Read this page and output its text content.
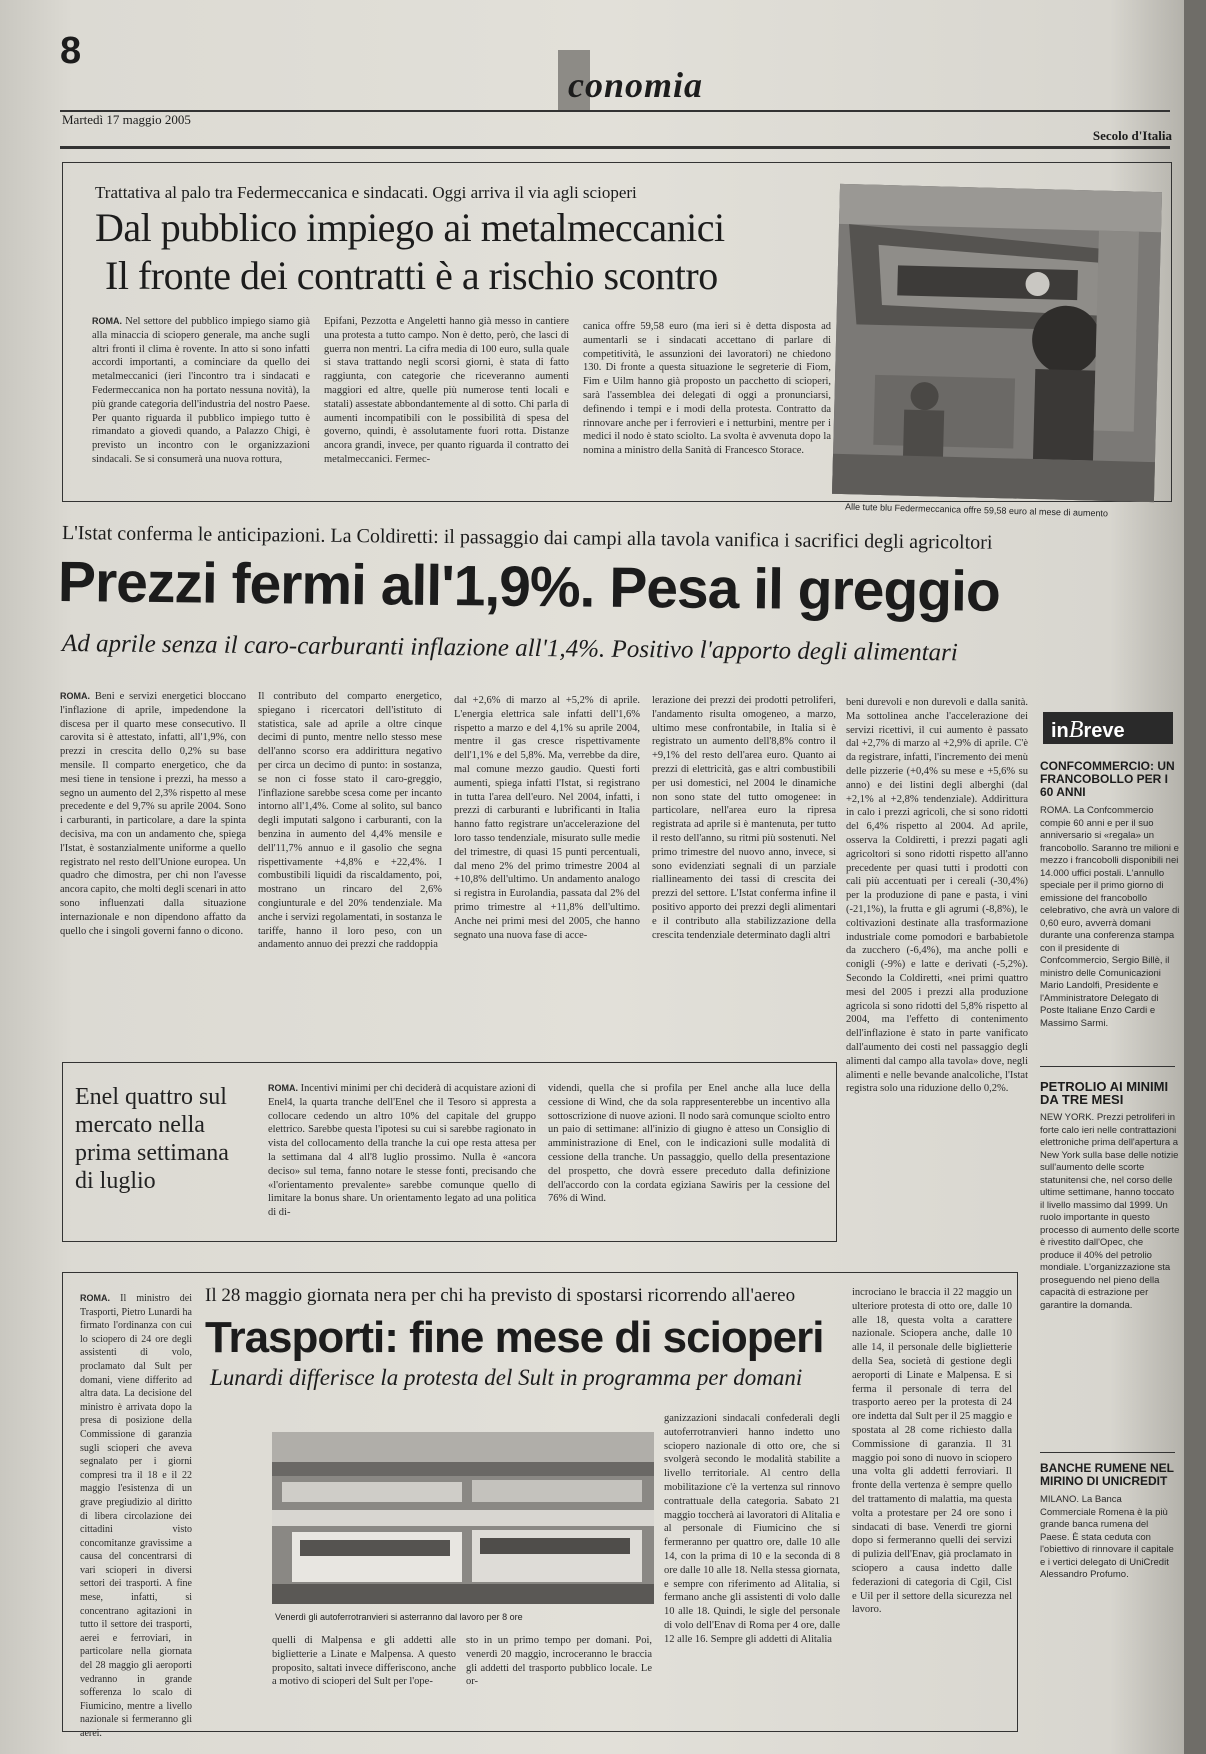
8
conomia
Martedì 17 maggio 2005
Secolo d'Italia
Trattativa al palo tra Federmeccanica e sindacati. Oggi arriva il via agli scioperi
Dal pubblico impiego ai metalmeccanici
Il fronte dei contratti è a rischio scontro
ROMA. Nel settore del pubblico impiego siamo già alla minaccia di sciopero generale, ma anche sugli altri fronti il clima è rovente. In atto si sono infatti accordi importanti, a cominciare da quello dei metalmeccanici (ieri l'incontro tra i sindacati e Federmeccanica non ha portato nessuna novità), la più grande categoria dell'industria del nostro Paese. Per quanto riguarda il pubblico impiego tutto è rimandato a giovedì quando, a Palazzo Chigi, è previsto un incontro con le organizzazioni sindacali. Se si consumerà una nuova rottura,
Epifani, Pezzotta e Angeletti hanno già messo in cantiere una protesta a tutto campo. Non è detto, però, che lasci di guerra non mentri. La cifra media di 100 euro, sulla quale si stava trattando negli scorsi giorni, è stata di fatto raggiunta, con categorie che riceveranno aumenti maggiori ed altre, quelle più numerose tenti locali e statali) assestate abbondantemente al di sotto. Chi parla di aumenti incompatibili con le possibilità di spesa del governo, quindi, è assolutamente fuori rotta. Distanze ancora grandi, invece, per quanto riguarda il contratto dei metalmeccanici. Fermec-
canica offre 59,58 euro (ma ieri si è detta disposta ad aumentarli se i sindacati accettano di parlare di competitività, le assunzioni dei lavoratori) ne chiedono 130. Di fronte a questa situazione le segreterie di Fiom, Fim e Uilm hanno già proposto un pacchetto di scioperi, sarà l'assemblea dei delegati di oggi a pronunciarsi, definendo i tempi e i modi della protesta. Contratto da rinnovare anche per i ferrovieri e i netturbini, mentre per i medici il nodo è stato sciolto. La svolta è avvenuta dopo la nomina a ministro della Sanità di Francesco Storace.
Alle tute blu Federmeccanica offre 59,58 euro al mese di aumento
L'Istat conferma le anticipazioni. La Coldiretti: il passaggio dai campi alla tavola vanifica i sacrifici degli agricoltori
Prezzi fermi all'1,9%. Pesa il greggio
Ad aprile senza il caro-carburanti inflazione all'1,4%. Positivo l'apporto degli alimentari
ROMA. Beni e servizi energetici bloccano l'inflazione di aprile, impedendone la discesa per il quarto mese consecutivo. Il carovita si è attestato, infatti, all'1,9%, con prezzi in crescita dello 0,2% su base mensile. Il comparto energetico, che da mesi tiene in tensione i prezzi, ha messo a segno un aumento del 2,3% rispetto al mese precedente e del 9,7% su aprile 2004. Sono i carburanti, in particolare, a dare la spinta decisiva, ma con un andamento che, spiega l'Istat, è sostanzialmente uniforme a quello registrato nel resto dell'Unione europea. Un quadro che dimostra, per chi non l'avesse ancora capito, che molti degli scenari in atto sono influenzati dalla situazione internazionale e non dipendono affatto da quello che i singoli governi fanno o dicono.
Il contributo del comparto energetico, spiegano i ricercatori dell'istituto di statistica, sale ad aprile a oltre cinque decimi di punto, mentre nello stesso mese dell'anno scorso era addirittura negativo per circa un decimo di punto: in sostanza, se non ci fosse stato il caro-greggio, l'inflazione sarebbe scesa come per incanto intorno all'1,4%. Come al solito, sul banco degli imputati salgono i carburanti, con la benzina in aumento del 4,4% mensile e dell'11,7% annuo e il gasolio che segna rispettivamente +4,8% e +22,4%. I combustibili liquidi da riscaldamento, poi, mostrano un rincaro del 2,6% congiunturale e del 20% tendenziale. Ma anche i servizi regolamentati, in sostanza le tariffe, hanno il loro peso, con un andamento annuo dei prezzi che raddoppia
dal +2,6% di marzo al +5,2% di aprile. L'energia elettrica sale infatti dell'1,6% rispetto a marzo e del 4,1% su aprile 2004, mentre il gas cresce rispettivamente dell'1,1% e del 5,8%. Ma, verrebbe da dire, mal comune mezzo gaudio. Questi forti aumenti, spiega infatti l'Istat, si registrano in tutta l'area dell'euro. Nel 2004, infatti, i prezzi di carburanti e lubrificanti in Italia hanno fatto registrare un'accelerazione del loro tasso tendenziale, misurato sulle medie del trimestre, di quasi 15 punti percentuali, dal meno 2% del primo trimestre 2004 al +10,8% dell'ultimo. Un andamento analogo si registra in Eurolandia, passata dal 2% del primo trimestre al +11,8% dell'ultimo. Anche nei primi mesi del 2005, che hanno segnato una nuova fase di acce-
lerazione dei prezzi dei prodotti petroliferi, l'andamento risulta omogeneo, a marzo, ultimo mese confrontabile, in Italia si è registrato un aumento dell'8,8% contro il +9,1% del resto dell'area euro. Quanto ai prezzi di elettricità, gas e altri combustibili per usi domestici, nel 2004 le dinamiche non sono state del tutto omogenee: in particolare, nell'area euro la ripresa registrata ad aprile si è mantenuta, per tutto il resto dell'anno, su ritmi più sostenuti. Nel primo trimestre del nuovo anno, invece, si sono evidenziati segnali di un parziale riallineamento dei tassi di crescita dei prezzi del settore. L'Istat conferma infine il positivo apporto dei prezzi degli alimentari e il contributo alla stabilizzazione della crescita tendenziale determinato dagli altri
beni durevoli e non durevoli e dalla sanità. Ma sottolinea anche l'accelerazione dei servizi ricettivi, il cui aumento è passato dal +2,7% di marzo al +2,9% di aprile. C'è da registrare, infatti, l'incremento dei menù delle pizzerie (+0,4% su mese e +5,6% su anno) e dei listini degli alberghi (dal +2,1% al +2,8% tendenziale). Addirittura in calo i prezzi agricoli, che si sono ridotti del 6,4% rispetto al 2004. Ad aprile, osserva la Coldiretti, i prezzi pagati agli agricoltori si sono ridotti rispetto all'anno precedente per quasi tutti i prodotti con cali più accentuati per i cereali (-30,4%) per la produzione di pane e pasta, i vini (-21,1%), la frutta e gli agrumi (-8,8%), le coltivazioni destinate alla trasformazione industriale come pomodori e barbabietole da zucchero (-6,4%), ma anche polli e conigli (-9%) e latte e derivati (-5,2%). Secondo la Coldiretti, «nei primi quattro mesi del 2005 i prezzi alla produzione agricola si sono ridotti del 5,8% rispetto al 2004, ma l'effetto di contenimento dell'inflazione è stato in parte vanificato dall'aumento dei costi nel passaggio degli alimenti dal campo alla tavola» dove, negli alimenti e nelle bevande analcoliche, l'Istat registra solo una riduzione dello 0,2%.
inBreve
CONFCOMMERCIO: UN FRANCOBOLLO PER I 60 ANNI
ROMA. La Confcommercio compie 60 anni e per il suo anniversario si «regala» un francobollo. Saranno tre milioni e mezzo i francobolli disponibili nei 14.000 uffici postali. L'annullo speciale per il primo giorno di emissione del francobollo celebrativo, che avrà un valore di 0,60 euro, avverrà domani durante una conferenza stampa con il presidente di Confcommercio, Sergio Billè, il ministro delle Comunicazioni Mario Landolfi, Presidente e l'Amministratore Delegato di Poste Italiane Enzo Cardi e Massimo Sarmi.
PETROLIO AI MINIMI DA TRE MESI
NEW YORK. Prezzi petroliferi in forte calo ieri nelle contrattazioni elettroniche prima dell'apertura a New York sulla base delle notizie sull'aumento delle scorte statunitensi che, nel corso delle ultime settimane, hanno toccato il livello massimo dal 1999. Un ruolo importante in questo processo di aumento delle scorte è rivestito dall'Opec, che produce il 40% del petrolio mondiale. L'organizzazione sta proseguendo nel pieno della capacità di estrazione per garantire la domanda.
BANCHE RUMENE NEL MIRINO DI UNICREDIT
MILANO. La Banca Commerciale Romena è la più grande banca rumena del Paese. È stata ceduta con l'obiettivo di rinnovare il capitale e i vertici delegato di UniCredit Alessandro Profumo.
Enel quattro sul mercato nella prima settimana di luglio
ROMA. Incentivi minimi per chi deciderà di acquistare azioni di Enel4, la quarta tranche dell'Enel che il Tesoro si appresta a collocare cedendo un altro 10% del capitale del gruppo elettrico. Sarebbe questa l'ipotesi su cui si sarebbe ragionato in vista del collocamento della tranche la cui ope resta attesa per la settimana dal 4 all'8 luglio prossimo. Nulla è «ancora deciso» sul tema, fanno notare le stesse fonti, precisando che «l'orientamento prevalente» sarebbe comunque quello di limitare la bonus share. Un orientamento legato ad una politica di di-
videndi, quella che si profila per Enel anche alla luce della cessione di Wind, che da sola rappresenterebbe un incentivo alla sottoscrizione di nuove azioni. Il nodo sarà comunque sciolto entro un paio di settimane: all'inizio di giugno è atteso un Consiglio di amministrazione di Enel, con le indicazioni sulle modalità di cessione della tranche. Un passaggio, quello della presentazione del prospetto, che dovrà essere preceduto dalla definizione dell'accordo con la cordata egiziana Sawiris per la cessione del 76% di Wind.
ROMA. Il ministro dei Trasporti, Pietro Lunardi ha firmato l'ordinanza con cui lo sciopero di 24 ore degli assistenti di volo, proclamato dal Sult per domani, viene differito ad altra data. La decisione del ministro è arrivata dopo la presa di posizione della Commissione di garanzia sugli scioperi che aveva segnalato per i giorni compresi tra il 18 e il 22 maggio l'esistenza di un grave pregiudizio al diritto di libera circolazione dei cittadini visto concomitanze gravissime a causa del concentrarsi di vari scioperi in diversi settori dei trasporti. A fine mese, infatti, si concentrano agitazioni in tutto il settore dei trasporti, aerei e ferroviari, in particolare nella giornata del 28 maggio gli aeroporti vedranno in grande sofferenza lo scalo di Fiumicino, mentre a livello nazionale si fermeranno gli aerei.
Il 28 maggio giornata nera per chi ha previsto di spostarsi ricorrendo all'aereo
Trasporti: fine mese di scioperi
Lunardi differisce la protesta del Sult in programma per domani
Venerdì gli autoferrotranvieri si asterranno dal lavoro per 8 ore
quelli di Malpensa e gli addetti alle biglietterie a Linate e Malpensa. A questo proposito, saltati invece differiscono, anche a motivo di scioperi del Sult per l'ope-
sto in un primo tempo per domani. Poi, venerdì 20 maggio, incroceranno le braccia gli addetti del trasporto pubblico locale. Le or-
ganizzazioni sindacali confederali degli autoferrotranvieri hanno indetto uno sciopero nazionale di otto ore, che si svolgerà secondo le modalità stabilite a livello territoriale. Al centro della mobilitazione c'è la vertenza sul rinnovo contrattuale della categoria. Sabato 21 maggio toccherà ai lavoratori di Alitalia e al personale di Fiumicino che si fermeranno per quattro ore, dalle 10 alle 14, con la prima di 10 e la seconda di 8 ore dalle 10 alle 18. Nella stessa giornata, e sempre con riferimento ad Alitalia, si fermano anche gli assistenti di volo dalle 10 alle 18. Quindi, le sigle del personale di volo dell'Enav di Roma per 4 ore, dalle 12 alle 16. Sempre gli addetti di Alitalia
incrociano le braccia il 22 maggio un ulteriore protesta di otto ore, dalle 10 alle 18, questa volta a carattere nazionale. Sciopera anche, dalle 10 alle 14, il personale delle biglietterie della Sea, società di gestione degli aeroporti di Linate e Malpensa. E si ferma il personale di terra del trasporto aereo per la protesta di 24 ore indetta dal Sult per il 25 maggio e spostata al 28 come richiesto dalla Commissione di garanzia. Il 31 maggio poi sono di nuovo in sciopero una volta gli addetti ferroviari. Il fronte della vertenza è sempre quello del trattamento di malattia, ma questa volta a protestare per 24 ore sono i sindacati di base. Venerdì tre giorni dopo si fermeranno quelli dei servizi di pulizia dell'Enav, già proclamato in sciopero a causa indetto dalle federazioni di categoria di Cgil, Cisl e Uil per il settore della sicurezza nel lavoro.
